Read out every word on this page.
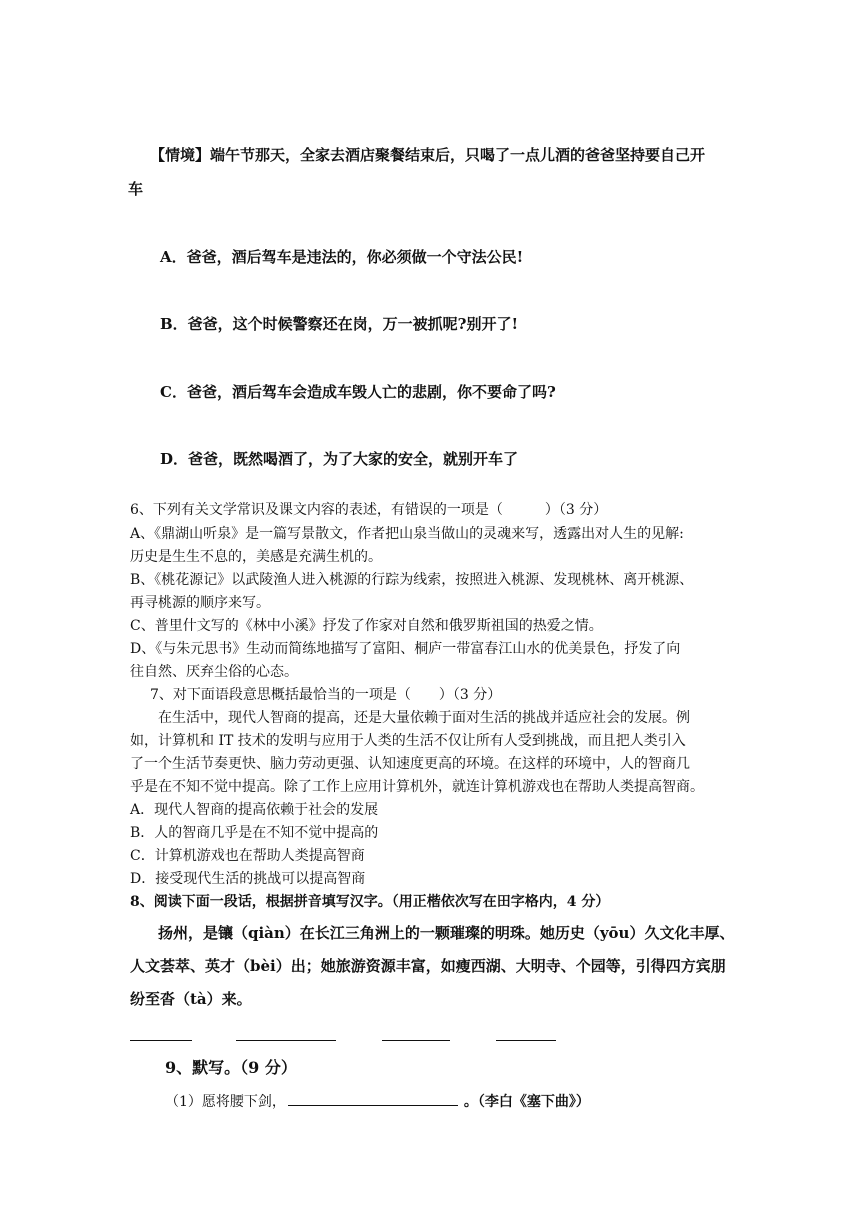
【情境】端午节那天，全家去酒店聚餐结束后，只喝了一点儿酒的爸爸坚持要自己开
车
A．爸爸，酒后驾车是违法的，你必须做一个守法公民!
B．爸爸，这个时候警察还在岗，万一被抓呢?别开了!
C．爸爸，酒后驾车会造成车毁人亡的悲剧，你不要命了吗?
D．爸爸，既然喝酒了，为了大家的安全，就别开车了
6、下列有关文学常识及课文内容的表述，有错误的一项是（　　　）（3 分）
A、《鼎湖山听泉》是一篇写景散文，作者把山泉当做山的灵魂来写，透露出对人生的见解:
历史是生生不息的，美感是充满生机的。
B、《桃花源记》以武陵渔人进入桃源的行踪为线索，按照进入桃源、发现桃林、离开桃源、
再寻桃源的顺序来写。
C、普里什文写的《林中小溪》抒发了作家对自然和俄罗斯祖国的热爱之情。
D、《与朱元思书》生动而简练地描写了富阳、桐庐一带富春江山水的优美景色，抒发了向
往自然、厌弃尘俗的心态。
7、对下面语段意思概括最恰当的一项是（　　）（3 分）
在生活中，现代人智商的提高，还是大量依赖于面对生活的挑战并适应社会的发展。例
如，计算机和 IT 技术的发明与应用于人类的生活不仅让所有人受到挑战，而且把人类引入
了一个生活节奏更快、脑力劳动更强、认知速度更高的环境。在这样的环境中，人的智商几
乎是在不知不觉中提高。除了工作上应用计算机外，就连计算机游戏也在帮助人类提高智商。
A．现代人智商的提高依赖于社会的发展
B．人的智商几乎是在不知不觉中提高的
C．计算机游戏也在帮助人类提高智商
D．接受现代生活的挑战可以提高智商
8、阅读下面一段话，根据拼音填写汉字。（用正楷依次写在田字格内，4 分）
扬州，是镶（qiàn）在长江三角洲上的一颗璀璨的明珠。她历史（yōu）久文化丰厚、
人文荟萃、英才（bèi）出；她旅游资源丰富，如瘦西湖、大明寺、个园等，引得四方宾朋
纷至沓（tà）来。
9、默写。（9 分）
（1）愿将腰下剑，	。（李白《塞下曲》）
